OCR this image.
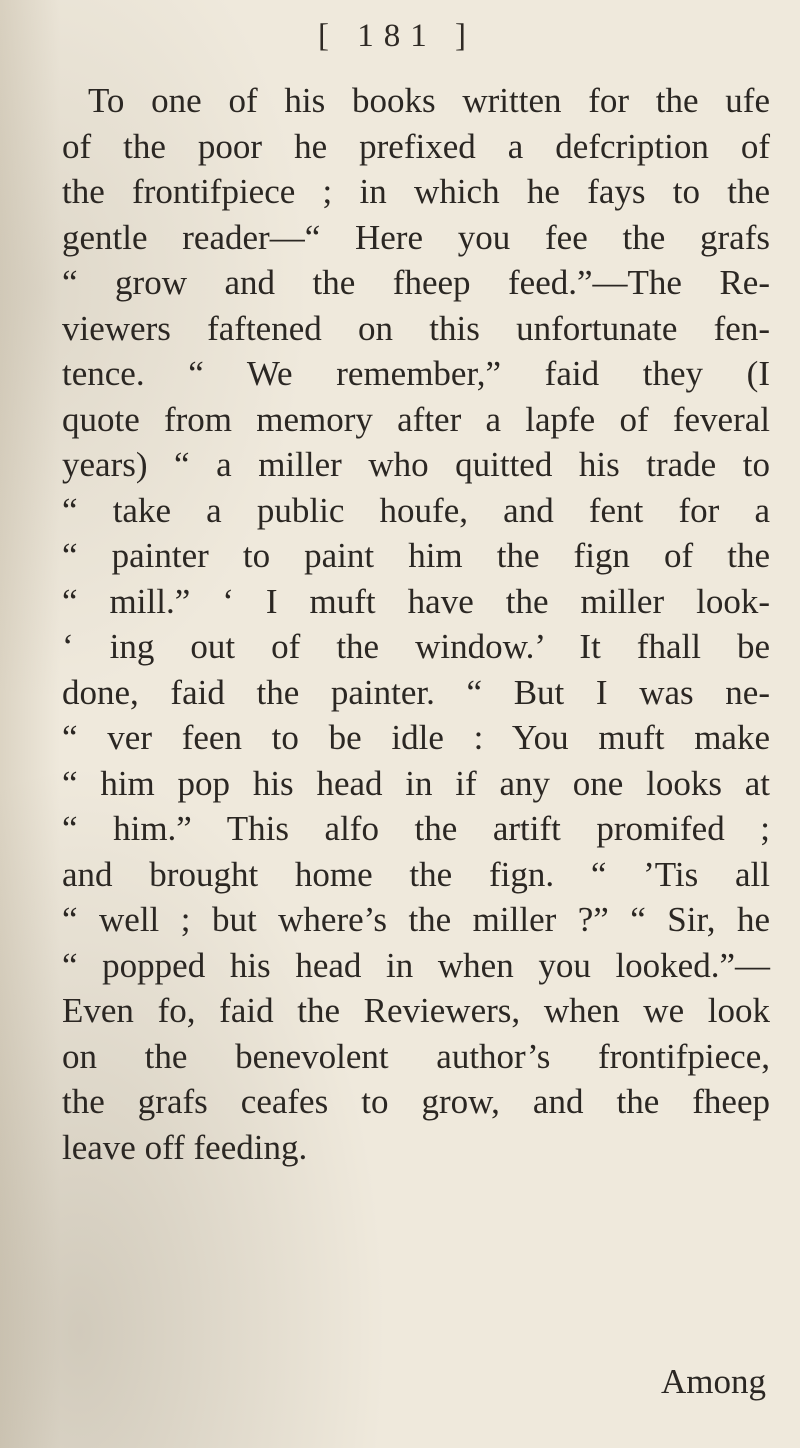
[ 181 ]
To one of his books written for the ufe
of the poor he prefixed a defcription of
the frontifpiece ; in which he fays to the
gentle reader—“ Here you fee the grafs
“ grow and the fheep feed.”—The Re-
viewers faftened on this unfortunate fen-
tence. “ We remember,” faid they (I
quote from memory after a lapfe of feveral
years) “ a miller who quitted his trade to
“ take a public houfe, and fent for a
“ painter to paint him the fign of the
“ mill.” ‘ I muft have the miller look-
‘ ing out of the window.’ It fhall be
done, faid the painter. “ But I was ne-
“ ver feen to be idle : You muft make
“ him pop his head in if any one looks at
“ him.” This alfo the artift promifed ;
and brought home the fign. “ ’Tis all
“ well ; but where’s the miller ?” “ Sir, he
“ popped his head in when you looked.”—
Even fo, faid the Reviewers, when we look
on the benevolent author’s frontifpiece,
the grafs ceafes to grow, and the fheep
leave off feeding.
Among
